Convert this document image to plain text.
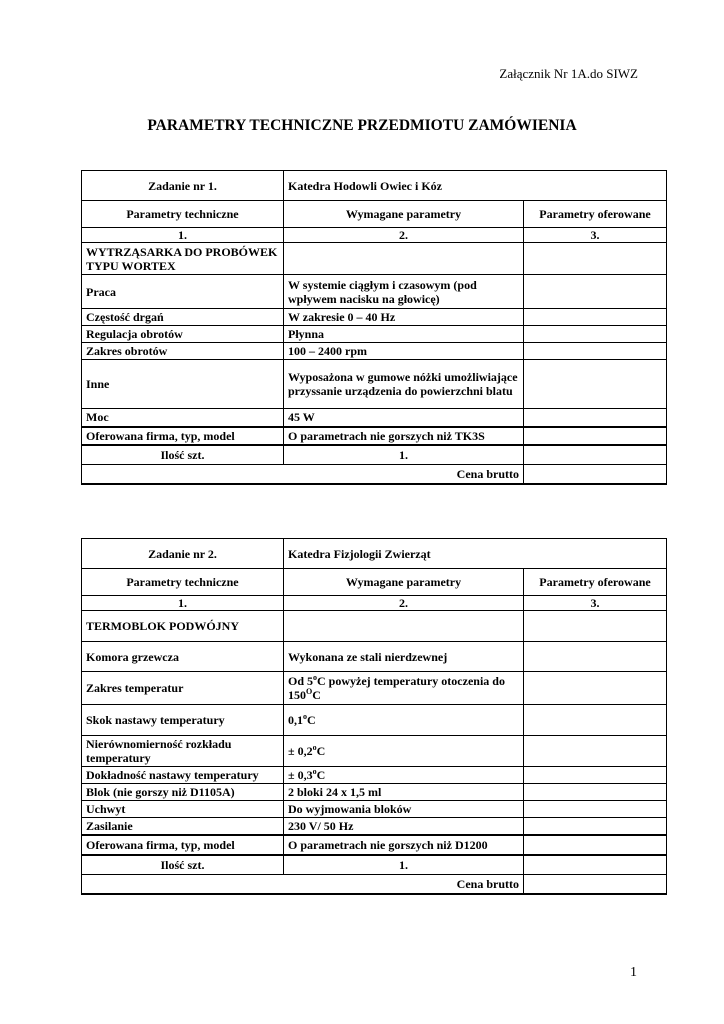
Załącznik Nr 1A.do SIWZ
PARAMETRY TECHNICZNE PRZEDMIOTU ZAMÓWIENIA
Zadanie nr 1.	Katedra Hodowli Owiec i Kóz	
Parametry techniczne	Wymagane parametry	Parametry oferowane
1.	2.	3.
WYTRZĄSARKA DO PROBÓWEK TYPU WORTEX		
Praca	W systemie ciągłym i czasowym (pod wpływem nacisku na głowicę)	
Częstość drgań	W zakresie 0 – 40 Hz	
Regulacja obrotów	Płynna	
Zakres obrotów	100 – 2400 rpm	
Inne	Wyposażona w gumowe nóżki umożliwiające przyssanie urządzenia do powierzchni blatu	
Moc	45 W	
Oferowana firma, typ, model	O parametrach nie gorszych niż TK3S	
Ilość szt.	1.	
Cena brutto		
Zadanie nr 2.	Katedra Fizjologii Zwierząt	
Parametry techniczne	Wymagane parametry	Parametry oferowane
1.	2.	3.
TERMOBLOK PODWÓJNY		
Komora grzewcza	Wykonana ze stali nierdzewnej	
Zakres temperatur	Od 5$^o$C powyżej temperatury otoczenia do $150^OC$	
Skok nastawy temperatury	0,1$^o$C	
Nierównomierność rozkładu temperatury	± $0,2^oC$	
Dokładność nastawy temperatury	± $0,3^oC$	
Blok (nie gorszy niż D1105A)	2 bloki 24 x 1,5 ml	
Uchwyt	Do wyjmowania bloków	
Zasilanie	230 V/ 50 Hz	
Oferowana firma, typ, model	O parametrach nie gorszych niż D1200	
Ilość szt.	1.	
Cena brutto		
1
